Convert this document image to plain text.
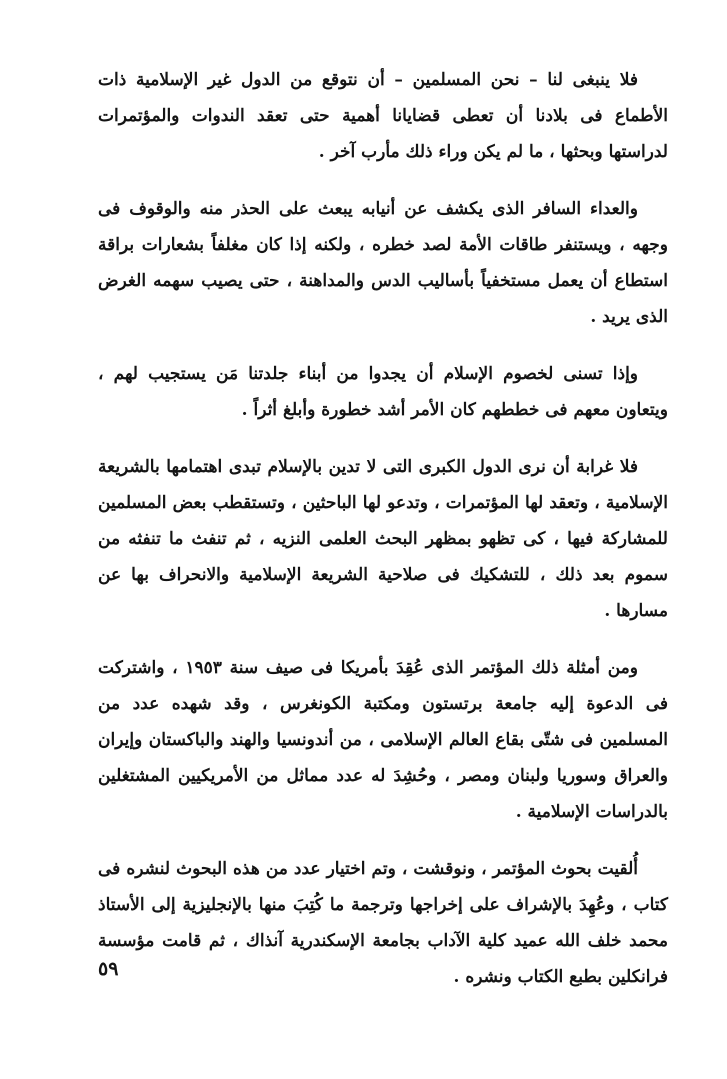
فلا ينبغى لنا – نحن المسلمين – أن نتوقع من الدول غير الإسلامية ذات الأطماع فى بلادنا أن تعطى قضايانا أهمية حتى تعقد الندوات والمؤتمرات لدراستها وبحثها ، ما لم يكن وراء ذلك مأرب آخر .

والعداء السافر الذى يكشف عن أنيابه يبعث على الحذر منه والوقوف فى وجهه ، ويستنفر طاقات الأمة لصد خطره ، ولكنه إذا كان مغلفاً بشعارات براقة استطاع أن يعمل مستخفياً بأساليب الدس والمداهنة ، حتى يصيب سهمه الغرض الذى يريد .

وإذا تسنى لخصوم الإسلام أن يجدوا من أبناء جلدتنا مَن يستجيب لهم ، ويتعاون معهم فى خططهم كان الأمر أشد خطورة وأبلغ أثراً .

فلا غرابة أن نرى الدول الكبرى التى لا تدين بالإسلام تبدى اهتمامها بالشريعة الإسلامية ، وتعقد لها المؤتمرات ، وتدعو لها الباحثين ، وتستقطب بعض المسلمين للمشاركة فيها ، كى تظهو بمظهر البحث العلمى النزيه ، ثم تنفث ما تنفثه من سموم بعد ذلك ، للتشكيك فى صلاحية الشريعة الإسلامية والانحراف بها عن مسارها .

ومن أمثلة ذلك المؤتمر الذى عُقِدَ بأمريكا فى صيف سنة ١٩٥٣ ، واشتركت فى الدعوة إليه جامعة برتستون ومكتبة الكونغرس ، وقد شهده عدد من المسلمين فى شتّى بقاع العالم الإسلامى ، من أندونسيا والهند والباكستان وإيران والعراق وسوريا ولبنان ومصر ، وحُشِدَ له عدد مماثل من الأمريكيين المشتغلين بالدراسات الإسلامية .

أُلقيت بحوث المؤتمر ، ونوقشت ، وتم اختيار عدد من هذه البحوث لنشره فى كتاب ، وعُهِدَ بالإشراف على إخراجها وترجمة ما كُتِبَ منها بالإنجليزية إلى الأستاذ محمد خلف الله عميد كلية الآداب بجامعة الإسكندرية آنذاك ، ثم قامت مؤسسة فرانكلين بطبع الكتاب ونشره .

٥٩
